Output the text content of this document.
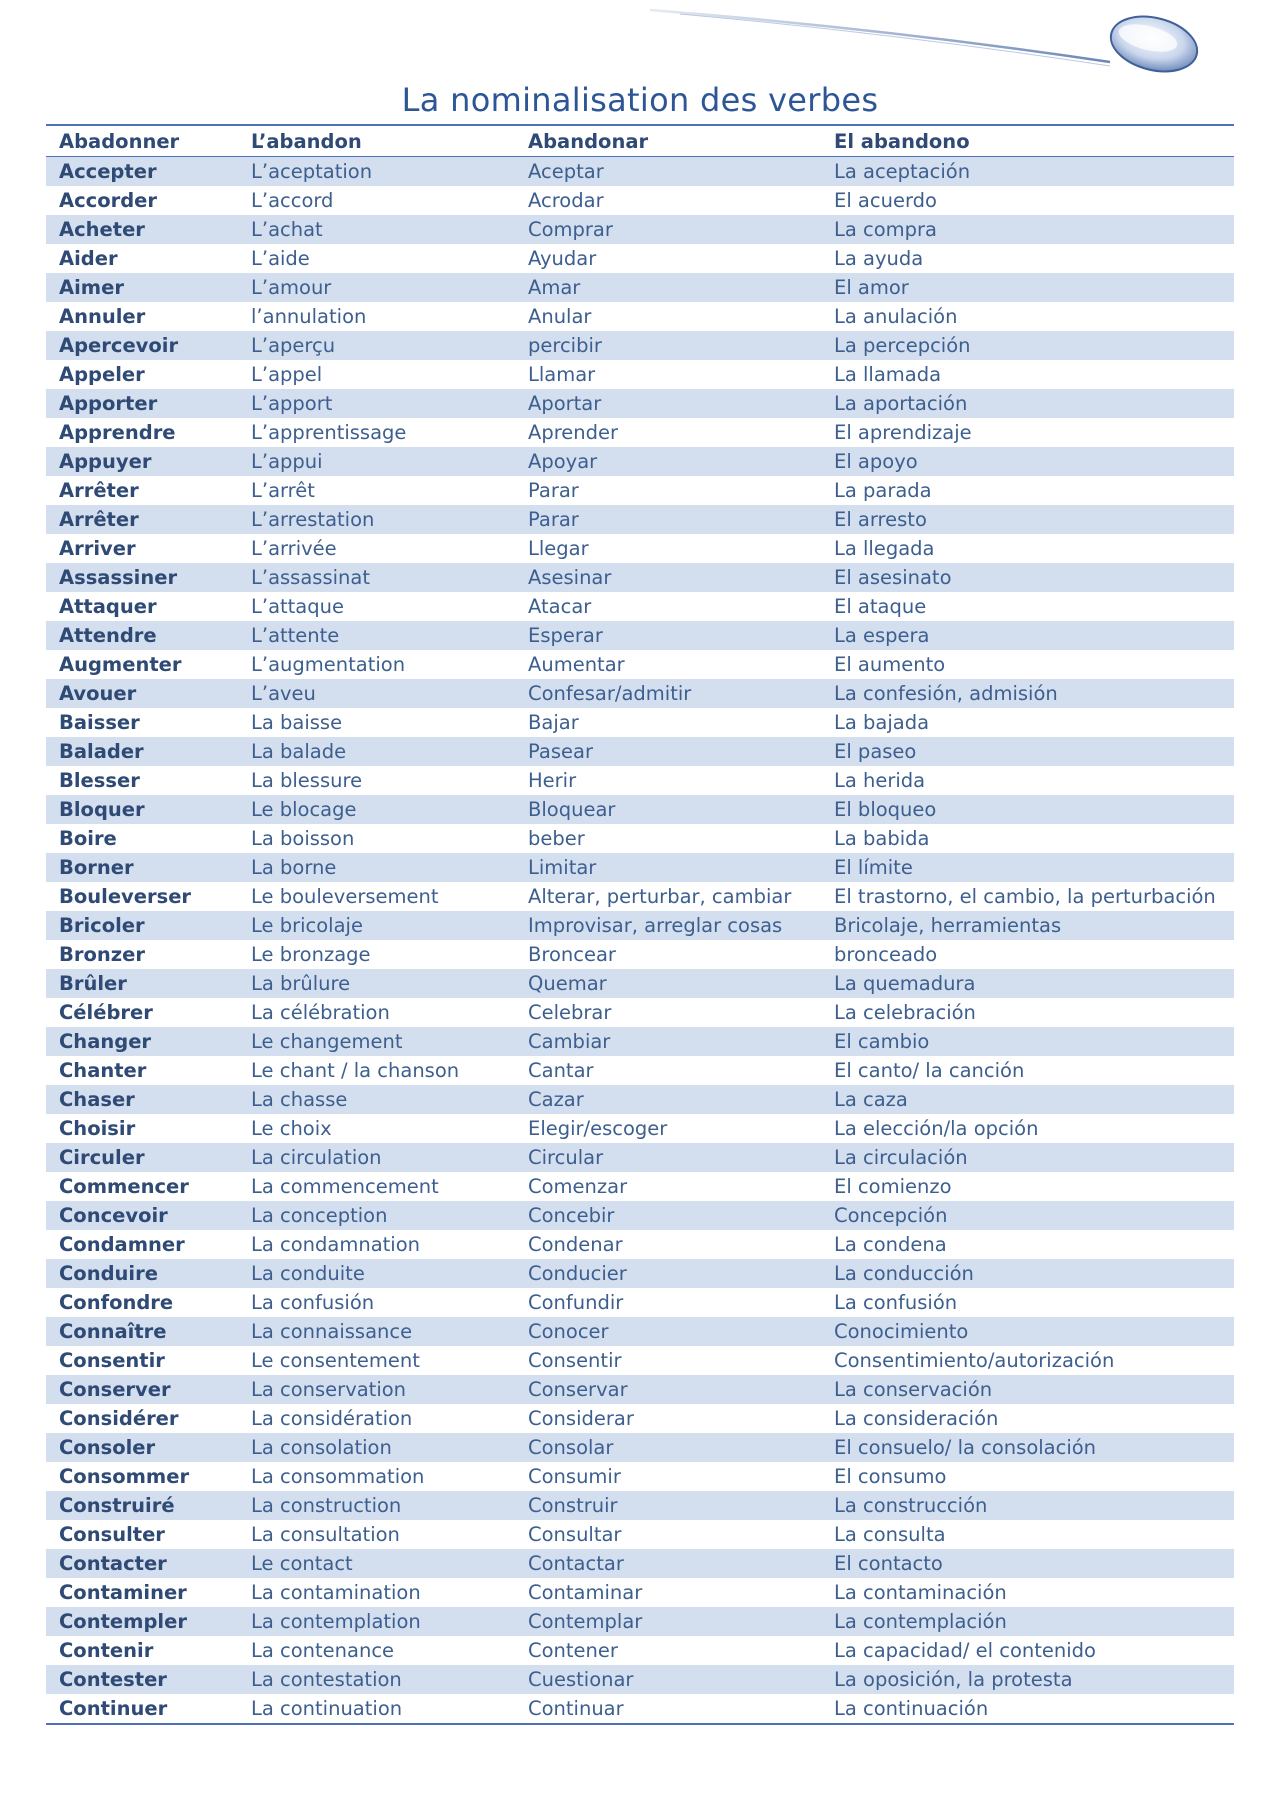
La nominalisation des verbes
Abadonner	L’abandon	Abandonar	El abandono
Accepter	L’aceptation	Aceptar	La aceptación
Accorder	L’accord	Acrodar	El acuerdo
Acheter	L’achat	Comprar	La compra
Aider	L’aide	Ayudar	La ayuda
Aimer	L’amour	Amar	El amor
Annuler	l’annulation	Anular	La anulación
Apercevoir	L’aperçu	percibir	La percepción
Appeler	L’appel	Llamar	La llamada
Apporter	L’apport	Aportar	La aportación
Apprendre	L’apprentissage	Aprender	El aprendizaje
Appuyer	L’appui	Apoyar	El apoyo
Arrêter	L’arrêt	Parar	La parada
Arrêter	L’arrestation	Parar	El arresto
Arriver	L’arrivée	Llegar	La llegada
Assassiner	L’assassinat	Asesinar	El asesinato
Attaquer	L’attaque	Atacar	El ataque
Attendre	L’attente	Esperar	La espera
Augmenter	L’augmentation	Aumentar	El aumento
Avouer	L’aveu	Confesar/admitir	La confesión, admisión
Baisser	La baisse	Bajar	La bajada
Balader	La balade	Pasear	El paseo
Blesser	La blessure	Herir	La herida
Bloquer	Le blocage	Bloquear	El bloqueo
Boire	La boisson	beber	La babida
Borner	La borne	Limitar	El límite
Bouleverser	Le bouleversement	Alterar, perturbar, cambiar	El trastorno, el cambio, la perturbación
Bricoler	Le bricolaje	Improvisar, arreglar cosas	Bricolaje, herramientas
Bronzer	Le bronzage	Broncear	bronceado
Brûler	La brûlure	Quemar	La quemadura
Célébrer	La célébration	Celebrar	La celebración
Changer	Le changement	Cambiar	El cambio
Chanter	Le chant / la chanson	Cantar	El canto/ la canción
Chaser	La chasse	Cazar	La caza
Choisir	Le choix	Elegir/escoger	La elección/la opción
Circuler	La circulation	Circular	La circulación
Commencer	La commencement	Comenzar	El comienzo
Concevoir	La conception	Concebir	Concepción
Condamner	La condamnation	Condenar	La condena
Conduire	La conduite	Conducier	La conducción
Confondre	La confusión	Confundir	La confusión
Connaître	La connaissance	Conocer	Conocimiento
Consentir	Le consentement	Consentir	Consentimiento/autorización
Conserver	La conservation	Conservar	La conservación
Considérer	La considération	Considerar	La consideración
Consoler	La consolation	Consolar	El consuelo/ la consolación
Consommer	La consommation	Consumir	El consumo
Construiré	La construction	Construir	La construcción
Consulter	La consultation	Consultar	La consulta
Contacter	Le contact	Contactar	El contacto
Contaminer	La contamination	Contaminar	La contaminación
Contempler	La contemplation	Contemplar	La contemplación
Contenir	La contenance	Contener	La capacidad/ el contenido
Contester	La contestation	Cuestionar	La oposición, la protesta
Continuer	La continuation	Continuar	La continuación
